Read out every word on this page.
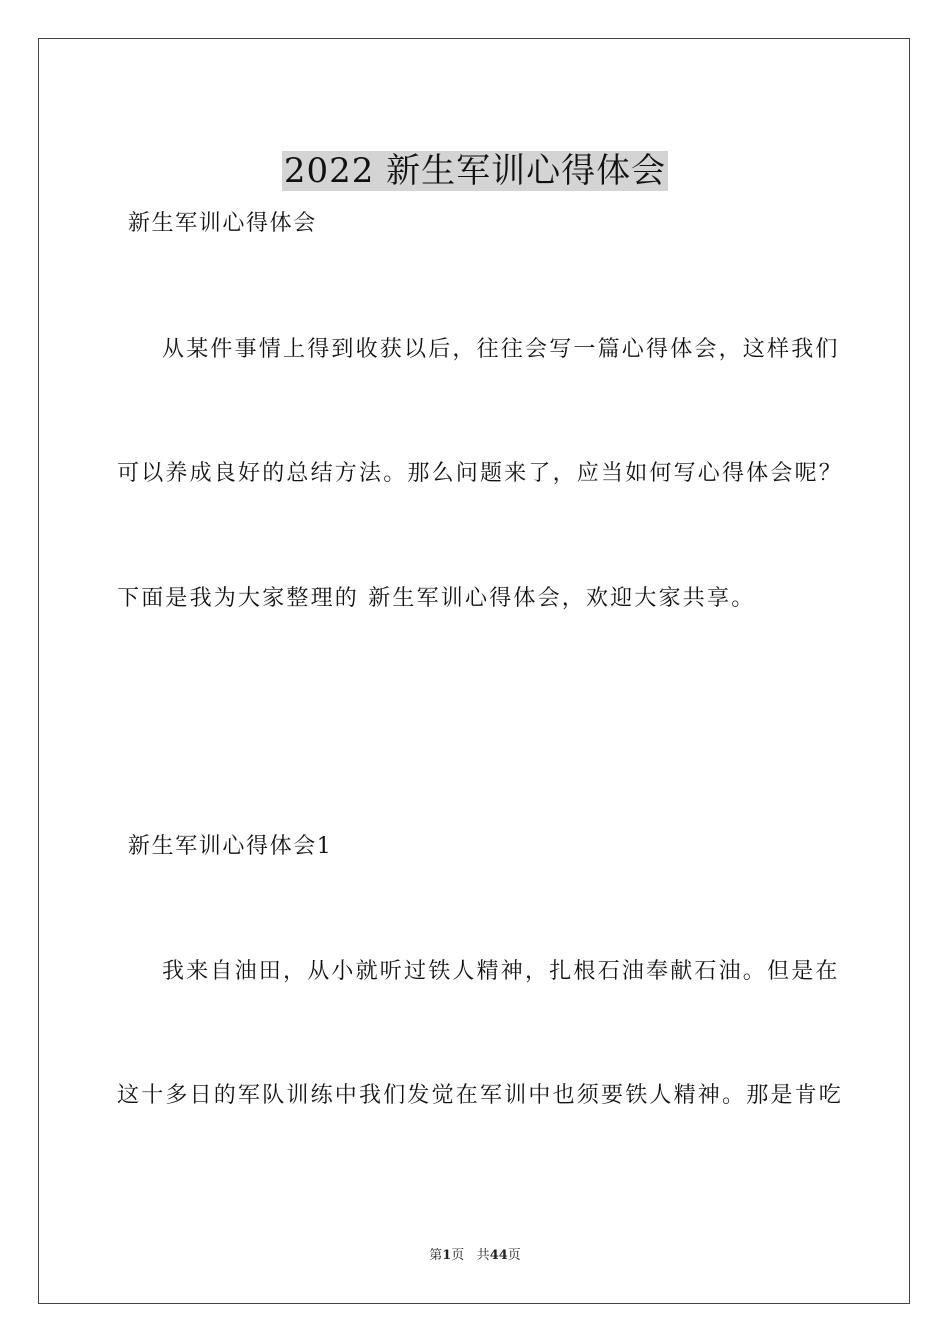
2022 新生军训心得体会
新生军训心得体会
从某件事情上得到收获以后，往往会写一篇心得体会，这样我们
可以养成良好的总结方法。那么问题来了，应当如何写心得体会呢？
下面是我为大家整理的 新生军训心得体会，欢迎大家共享。
新生军训心得体会1
我来自油田，从小就听过铁人精神，扎根石油奉献石油。但是在
这十多日的军队训练中我们发觉在军训中也须要铁人精神。那是肯吃
第1页 共44页
